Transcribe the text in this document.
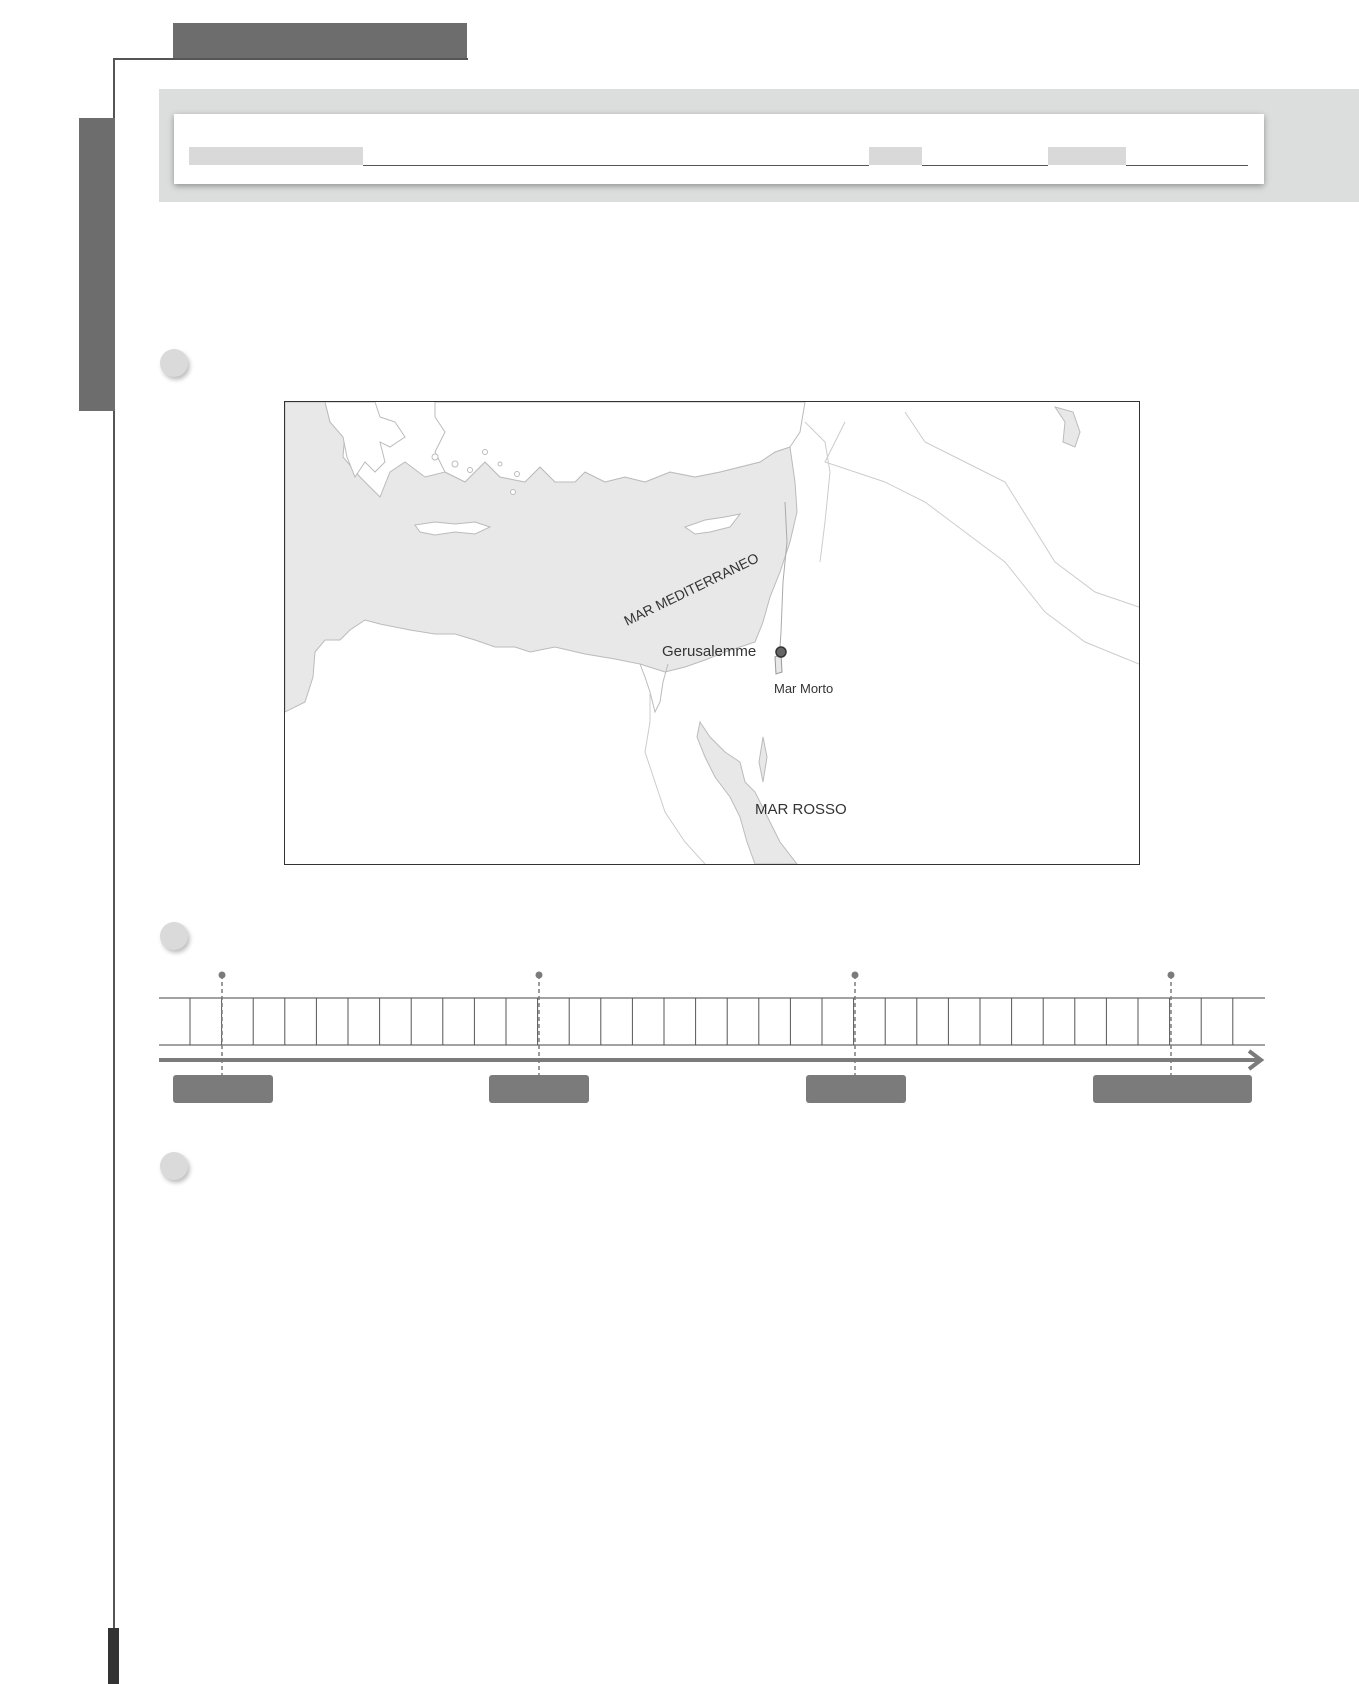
MAR MEDITERRANEO
Gerusalemme
Mar Morto
MAR ROSSO
